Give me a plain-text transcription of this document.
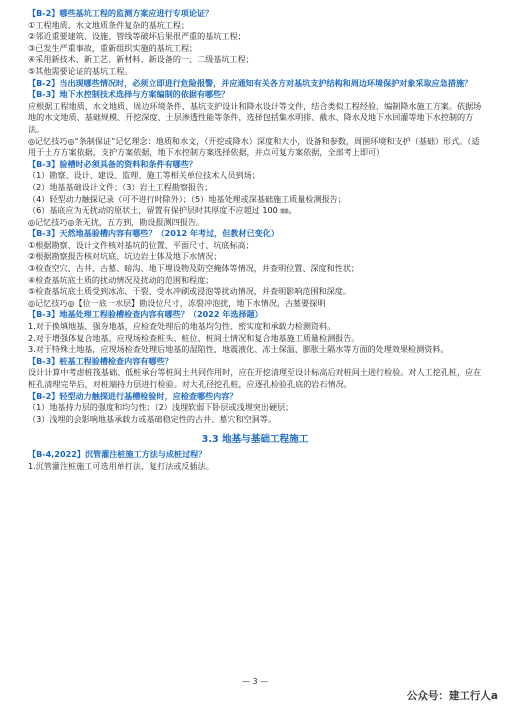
【B-2】哪些基坑工程的监测方案应进行专项论证？

①工程地质、水文地质条件复杂的基坑工程；

②邻近重要建筑、设施、管线等破坏后果很严重的基坑工程；

③已发生严重事故，重新组织实施的基坑工程；

④采用新技术、新工艺、新材料、新设备的一、二级基坑工程；

⑤其他需要论证的基坑工程。

【B-2】当出现哪些情况时，必须立即进行危险报警，并应通知有关各方对基坑支护结构和周边环境保护对象采取应急措施？

【B-3】地下水控制技术选择与方案编制的依据有哪些？

应根据工程地质、水文地质、周边环境条件、基坑支护设计和降水设计等文件，结合类似工程经验，编制降水施工方案。依据场地的水文地质、基础规模、开挖深度、土层渗透性能等条件，选择包括集水明排、截水、降水及地下水回灌等地下水控制的方法。

◎记忆技巧◎“条制保证”记忆理念：地质和水文，（开挖或降水）深度和大小，设备和参数，周围环境和支护（基础）形式。（适用于土方方案依据，支护方案依据，地下水控制方案选择依据，并点可复方案依据，全部考上即可）

【B-3】验槽时必须具备的资料和条件有哪些？

（1）勘察、设计、建设、监理、施工等相关单位技术人员到场；

（2）地基基础设计文件；（3）岩土工程勘察报告；

（4）轻型动力触探记录（可不进行时除外）；（5）地基处理或深基础施工质量检测报告；

（6）基底应为无扰动的原状土，留置有保护层时其厚度不应超过 100 ㎜。

◎记忆技巧◎条无扰，五方到，勘设报测四报告。

【B-3】天然地基验槽内容有哪些？（2012 年考过，但教材已变化）

①根据勘察、设计文件核对基坑的位置、平面尺寸、坑底标高；

②根据勘察报告核对坑底、坑边岩土体及地下水情况；

③检查空穴、古井、古墓、暗沟、地下埋设物及防空掩体等情况，并查明位置、深度和性状；

④检查基坑底土质的扰动情况及扰动的范围和程度；

⑤检查基坑底土质受到冰冻、干裂、受水冲刷或浸泡等扰动情况，并查明影响范围和深度。

◎记忆技巧◎【位一底一水层】勘设位尺寸，冻裂冲泡扰，地下水情况，古墓要探明

【B-3】地基处理工程验槽检查内容有哪些？（2022 年选择题）

1.对于换填地基、强夯地基，应检查处理后的地基均匀性、密实度和承载力检测资料。

2.对于增强体复合地基，应现场检查桩头、桩位、桩间土情况和复合地基施工质量检测报告。

3.对于特殊土地基，应现场检查处理后地基的湿陷性、地震液化、冻土保温、膨胀土隔水等方面的处理效果检测资料。

【B-3】桩基工程验槽检查内容有哪些？

设计计算中考虑桩筏基础、低桩承台等桩间土共同作用时，应在开挖清理至设计标高后对桩间土进行检验。对人工挖孔桩，应在桩孔清理完毕后，对桩端持力层进行检验。对大孔径挖孔桩，应逐孔检验孔底的岩石情况。

【B-2】轻型动力触探进行基槽检验时，应检查哪些内容？

（1）地基持力层的强度和均匀性；（2）浅埋软弱下卧层或浅埋突出硬层；

（3）浅埋的会影响地基承载力或基础稳定性的古井、墓穴和空洞等。

3.3 地基与基础工程施工

【B-4,2022】沉管灌注桩施工方法与成桩过程？

1.沉管灌注桩施工可选用单打法、复打法或反插法。

— 3 —
公众号：建工行人a
